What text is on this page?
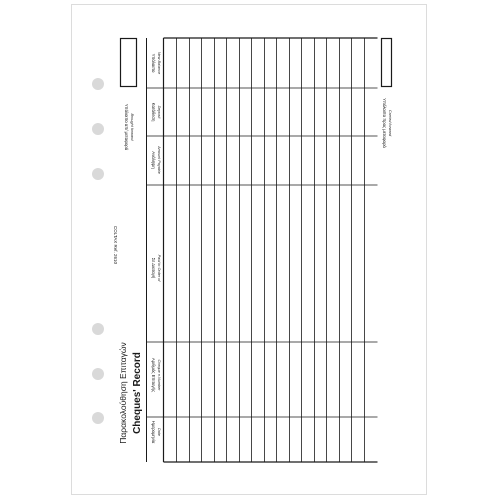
COLTAX Ref. 2610
Παρακολούθηση Επιταγών Cheques' Record
Υπόλοιπο απ/ μεταφορά Brought forward	Υπόλοιπο προς μεταφορά Carried forward
Υπόλοιπο New Balance
Κατάθεση Deposit
Ανάληψη Amount Payable
Σε Διαταγή Paid to Order of
Αριθμός Επιταγής Cheque n.Number
Ημερομηνία Date
